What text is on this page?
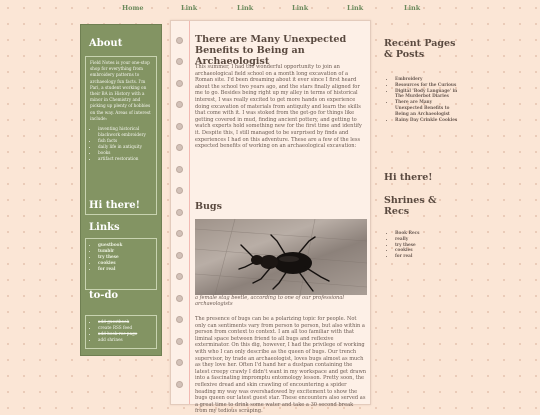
Home	Link	Link	Link	Link	Link
About

Field Notes is your one-stop shop for everything from embroidery patterns to archaeology fun facts. I'm Pari, a student working on their BA in History with a minor in Chemistry and picking up plenty of hobbies on the way. Areas of interest include:

• inventing historical blackwork embroidery
• fish facts
• daily life in antiquity
• books
• artifact restoration
Hi there!
Links
• guestbook
• tumblr
• try these
• cookies
• for real
to-do
• add guestbook
• create RSS feed
• add book rec page
• add shrines
There are Many Unexpected Benefits to Being an Archaeologist

This summer, I had the wonderful opportunity to join an archaeological field school on a month long excavation of a Roman site. I'd been dreaming about it ever since I first heard about the school two years ago, and the stars finally aligned for me to go. Besides being right up my alley in terms of historical interest, I was really excited to get more hands on experience doing excavation of materials from antiquity and learn the skills that come with it. I was stoked from the get-go for things like getting covered in mud, finding ancient pottery, and getting to watch experts hold something new for the first time and identify it. Despite this, I still managed to be surprised by finds and experiences I had on this adventure. These are a few of the less expected benefits of working on an archaeological excavation:

Bugs

a female stag beetle, according to one of our professional archaeologists

The presence of bugs can be a polarizing topic for people. Not only can sentiments vary from person to person, but also within a person from context to context. I am all too familiar with that liminal space between friend to all bugs and reflexive exterminator. On this dig, however, I had the privilege of working with who I can only describe as the queen of bugs. Our trench supervisor, by trade an archaeologist, loves bugs almost as much as they love her. Often I'd hand her a dustpan containing the latest creepy crawly I didn't want in my workspace and get drawn into a fascinating impromptu entomology lesson. Pretty soon, the reflexive dread and skin crawling of encountering a spider heading my way was overshadowed by excitement to show the bugs queen our latest guest star. These encounters also served as a great time to drink some water and take a 30 second break from my tedious scraping.

Recent Pages & Posts
• Embroidery
• Resources for the Curious
• Digital 'Body Language' in The Murderbot Diaries
• There are Many Unexpected Benefits to Being an Archaeologist
• Rainy Day Crinkle Cookies
Hi there!
Shrines & Recs
• Book Recs
• really
• try these
• cookies
• for real
